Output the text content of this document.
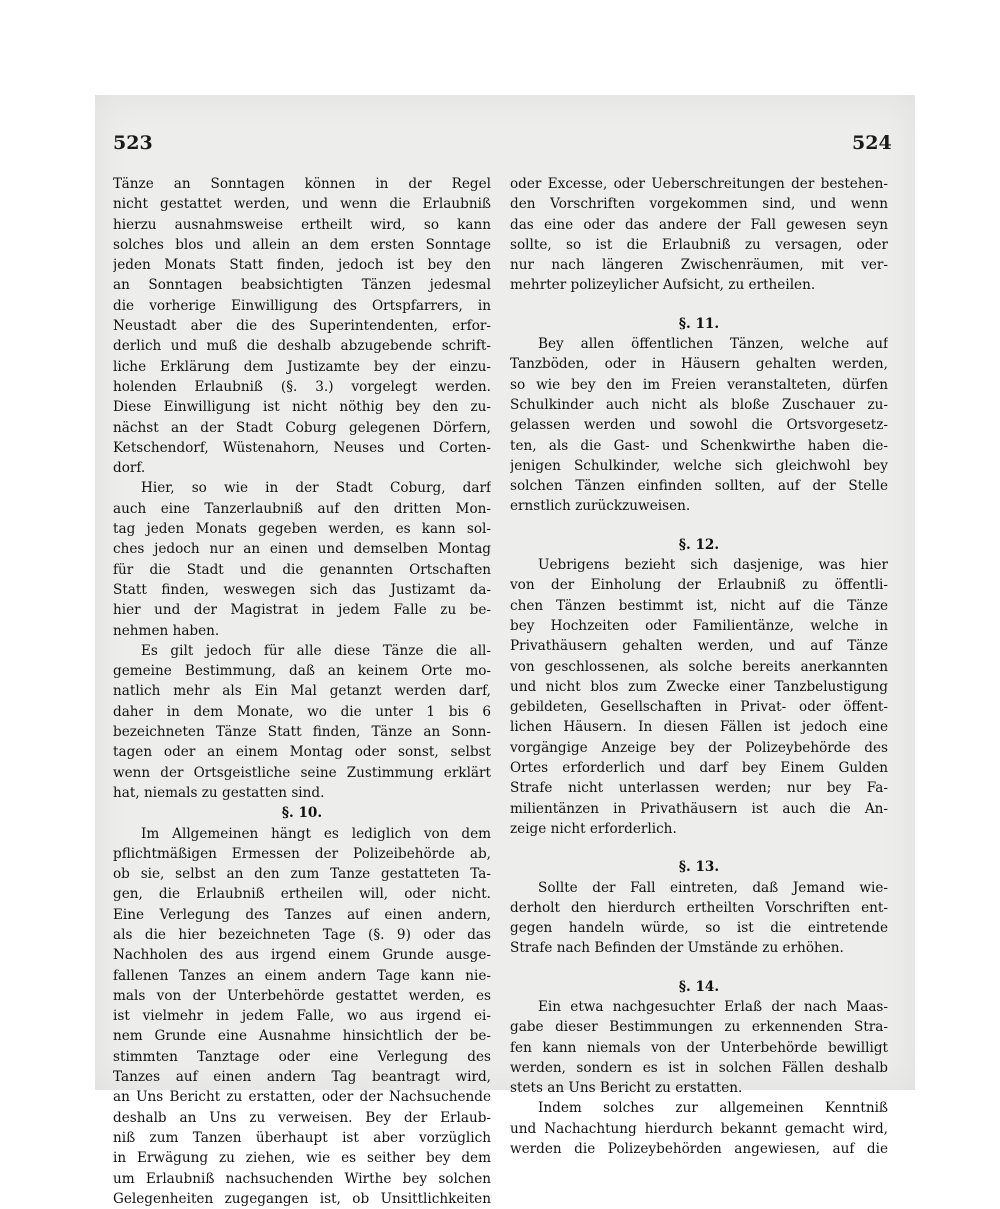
523	524
Tänze an Sonntagen können in der Regel
nicht gestattet werden, und wenn die Erlaubniß
hierzu ausnahmsweise ertheilt wird, so kann
solches blos und allein an dem ersten Sonntage
jeden Monats Statt finden, jedoch ist bey den
an Sonntagen beabsichtigten Tänzen jedesmal
die vorherige Einwilligung des Ortspfarrers, in
Neustadt aber die des Superintendenten, erfor-
derlich und muß die deshalb abzugebende schrift-
liche Erklärung dem Justizamte bey der einzu-
holenden Erlaubniß (§. 3.) vorgelegt werden.
Diese Einwilligung ist nicht nöthig bey den zu-
nächst an der Stadt Coburg gelegenen Dörfern,
Ketschendorf, Wüstenahorn, Neuses und Corten-
dorf.
Hier, so wie in der Stadt Coburg, darf
auch eine Tanzerlaubniß auf den dritten Mon-
tag jeden Monats gegeben werden, es kann sol-
ches jedoch nur an einen und demselben Montag
für die Stadt und die genannten Ortschaften
Statt finden, weswegen sich das Justizamt da-
hier und der Magistrat in jedem Falle zu be-
nehmen haben.
Es gilt jedoch für alle diese Tänze die all-
gemeine Bestimmung, daß an keinem Orte mo-
natlich mehr als Ein Mal getanzt werden darf,
daher in dem Monate, wo die unter 1 bis 6
bezeichneten Tänze Statt finden, Tänze an Sonn-
tagen oder an einem Montag oder sonst, selbst
wenn der Ortsgeistliche seine Zustimmung erklärt
hat, niemals zu gestatten sind.
§. 10.
Im Allgemeinen hängt es lediglich von dem
pflichtmäßigen Ermessen der Polizeibehörde ab,
ob sie, selbst an den zum Tanze gestatteten Ta-
gen, die Erlaubniß ertheilen will, oder nicht.
Eine Verlegung des Tanzes auf einen andern,
als die hier bezeichneten Tage (§. 9) oder das
Nachholen des aus irgend einem Grunde ausge-
fallenen Tanzes an einem andern Tage kann nie-
mals von der Unterbehörde gestattet werden, es
ist vielmehr in jedem Falle, wo aus irgend ei-
nem Grunde eine Ausnahme hinsichtlich der be-
stimmten Tanztage oder eine Verlegung des
Tanzes auf einen andern Tag beantragt wird,
an Uns Bericht zu erstatten, oder der Nachsuchende
deshalb an Uns zu verweisen. Bey der Erlaub-
niß zum Tanzen überhaupt ist aber vorzüglich
in Erwägung zu ziehen, wie es seither bey dem
um Erlaubniß nachsuchenden Wirthe bey solchen
Gelegenheiten zugegangen ist, ob Unsittlichkeiten
oder Excesse, oder Ueberschreitungen der bestehen-
den Vorschriften vorgekommen sind, und wenn
das eine oder das andere der Fall gewesen seyn
sollte, so ist die Erlaubniß zu versagen, oder
nur nach längeren Zwischenräumen, mit ver-
mehrter polizeylicher Aufsicht, zu ertheilen.
§. 11.
Bey allen öffentlichen Tänzen, welche auf
Tanzböden, oder in Häusern gehalten werden,
so wie bey den im Freien veranstalteten, dürfen
Schulkinder auch nicht als bloße Zuschauer zu-
gelassen werden und sowohl die Ortsvorgesetz-
ten, als die Gast- und Schenkwirthe haben die-
jenigen Schulkinder, welche sich gleichwohl bey
solchen Tänzen einfinden sollten, auf der Stelle
ernstlich zurückzuweisen.
§. 12.
Uebrigens bezieht sich dasjenige, was hier
von der Einholung der Erlaubniß zu öffentli-
chen Tänzen bestimmt ist, nicht auf die Tänze
bey Hochzeiten oder Familientänze, welche in
Privathäusern gehalten werden, und auf Tänze
von geschlossenen, als solche bereits anerkannten
und nicht blos zum Zwecke einer Tanzbelustigung
gebildeten, Gesellschaften in Privat- oder öffent-
lichen Häusern. In diesen Fällen ist jedoch eine
vorgängige Anzeige bey der Polizeybehörde des
Ortes erforderlich und darf bey Einem Gulden
Strafe nicht unterlassen werden; nur bey Fa-
milientänzen in Privathäusern ist auch die An-
zeige nicht erforderlich.
§. 13.
Sollte der Fall eintreten, daß Jemand wie-
derholt den hierdurch ertheilten Vorschriften ent-
gegen handeln würde, so ist die eintretende
Strafe nach Befinden der Umstände zu erhöhen.
§. 14.
Ein etwa nachgesuchter Erlaß der nach Maas-
gabe dieser Bestimmungen zu erkennenden Stra-
fen kann niemals von der Unterbehörde bewilligt
werden, sondern es ist in solchen Fällen deshalb
stets an Uns Bericht zu erstatten.
Indem solches zur allgemeinen Kenntniß
und Nachachtung hierdurch bekannt gemacht wird,
werden die Polizeybehörden angewiesen, auf die
